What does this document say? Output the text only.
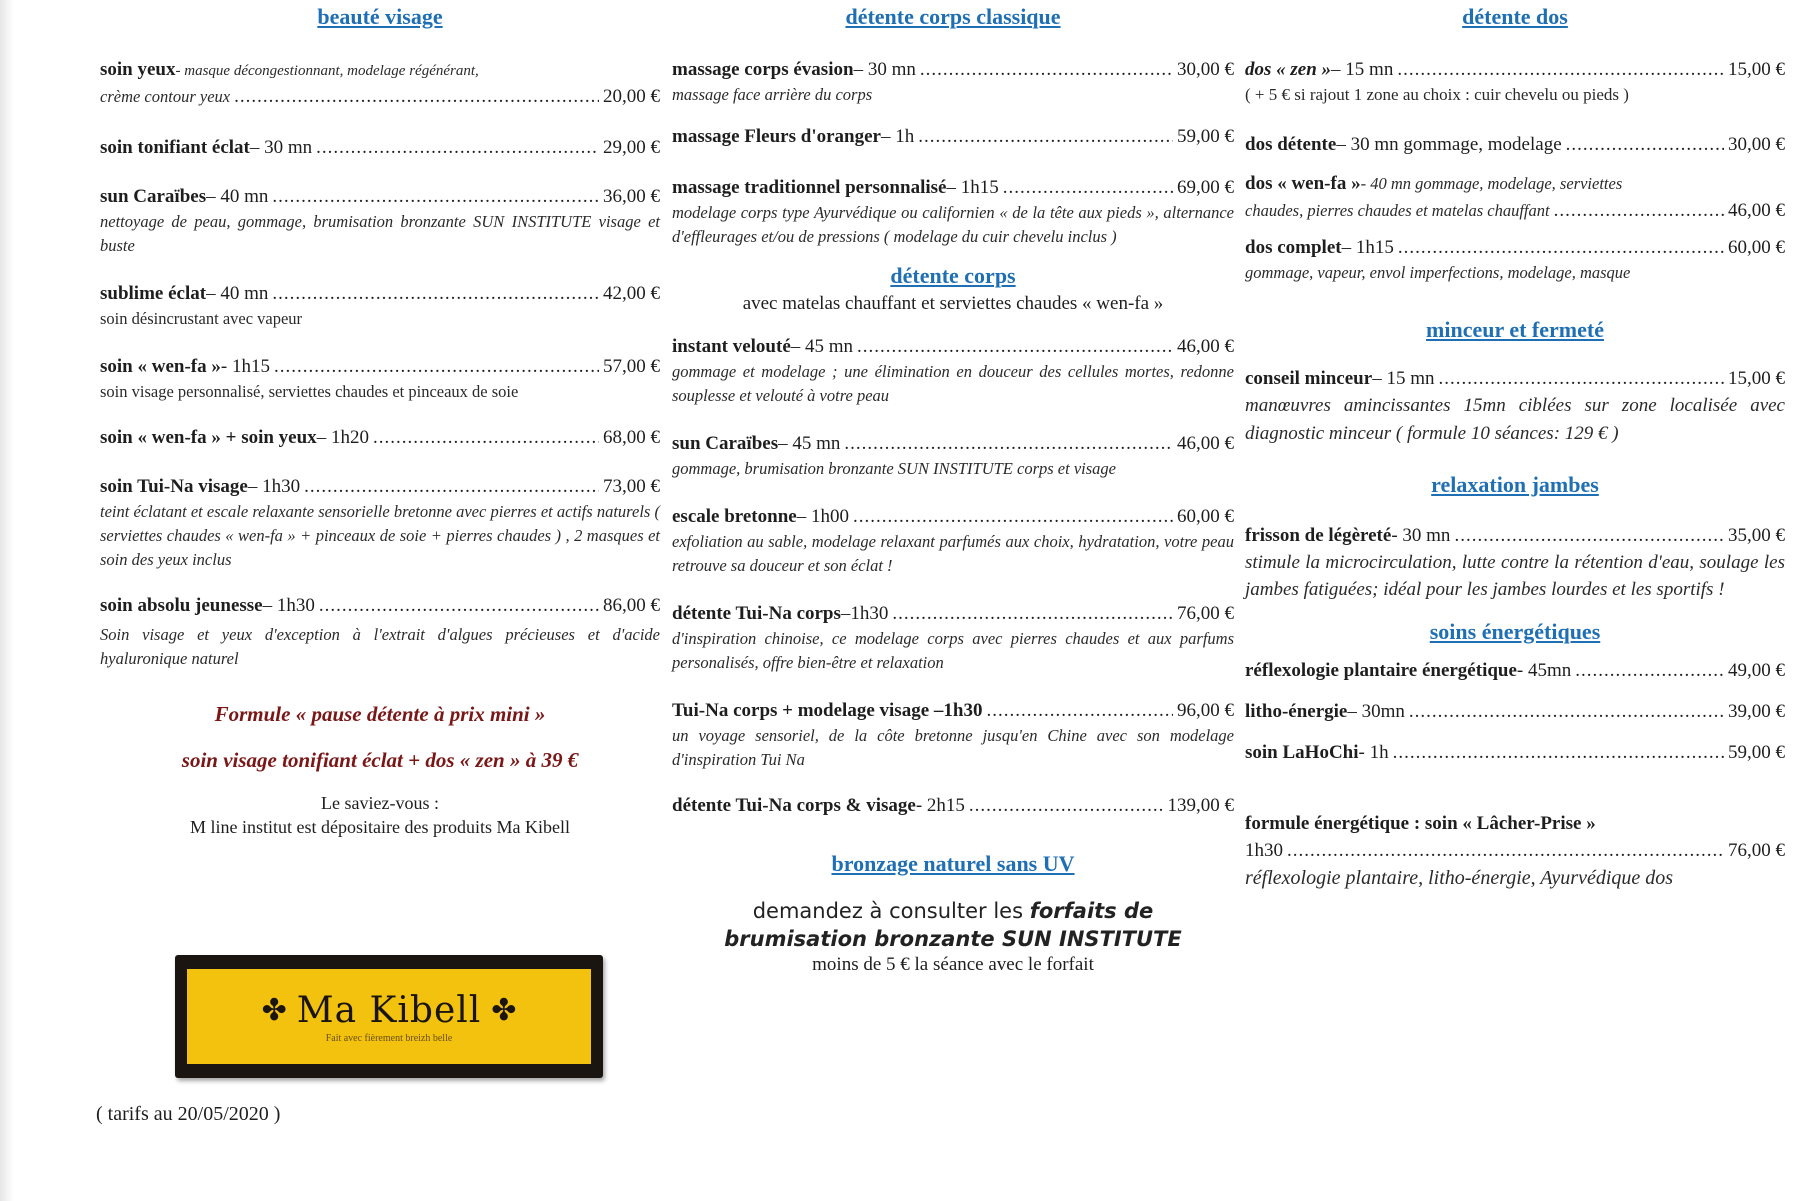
beauté visage
soin yeux - masque décongestionnant, modelage régénérant,
crème contour yeux .....	20,00 €
soin tonifiant éclat – 30 mn .....	29,00 €
sun Caraïbes – 40 mn .....	36,00 €
nettoyage de peau, gommage, brumisation bronzante SUN INSTITUTE visage et buste
sublime éclat – 40 mn .....	42,00 €
soin désincrustant avec vapeur
soin « wen-fa » - 1h15 .....	57,00 €
soin visage personnalisé, serviettes chaudes et pinceaux de soie
soin « wen-fa » + soin yeux – 1h20 .....	68,00 €
soin Tui-Na visage – 1h30 .....	73,00 €
teint éclatant et escale relaxante sensorielle bretonne avec pierres et actifs naturels ( serviettes chaudes « wen-fa » + pinceaux de soie + pierres chaudes ) , 2 masques et soin des yeux inclus
soin absolu jeunesse – 1h30 .....	86,00 €
Soin visage et yeux d'exception à l'extrait d'algues précieuses et d'acide hyaluronique naturel
Formule « pause détente à prix mini »
soin visage tonifiant éclat + dos « zen » à 39 €
Le saviez-vous :
M line institut est dépositaire des produits Ma Kibell
✤ Ma Kibell ✤
Fait avec fièrement breizh belle
( tarifs au 20/05/2020 )
détente corps classique
massage corps évasion – 30 mn .....	30,00 €
massage face arrière du corps
massage Fleurs d'oranger – 1h .....	59,00 €
massage traditionnel personnalisé – 1h15 .....	69,00 €
modelage corps type Ayurvédique ou californien « de la tête aux pieds », alternance d'effleurages et/ou de pressions ( modelage du cuir chevelu inclus )
détente corps
avec matelas chauffant et serviettes chaudes « wen-fa »
instant velouté – 45 mn .....	46,00 €
gommage et modelage ; une élimination en douceur des cellules mortes, redonne souplesse et velouté à votre peau
sun Caraïbes – 45 mn .....	46,00 €
gommage, brumisation bronzante SUN INSTITUTE corps et visage
escale bretonne – 1h00 .....	60,00 €
exfoliation au sable, modelage relaxant parfumés aux choix, hydratation, votre peau retrouve sa douceur et son éclat !
détente Tui-Na corps –1h30 .....	76,00 €
d'inspiration chinoise, ce modelage corps avec pierres chaudes et aux parfums personalisés, offre bien-être et relaxation
Tui-Na corps + modelage visage –1h30 .....	96,00 €
un voyage sensoriel, de la côte bretonne jusqu'en Chine avec son modelage d'inspiration Tui Na
détente Tui-Na corps & visage - 2h15 .....	139,00 €
bronzage naturel sans UV
demandez à consulter les forfaits de
brumisation bronzante SUN INSTITUTE
moins de 5 € la séance avec le forfait
détente dos
dos « zen » – 15 mn .....	15,00 €
( + 5 € si rajout 1 zone au choix : cuir chevelu ou pieds )
dos détente – 30 mn gommage, modelage .....	30,00 €
dos « wen-fa » - 40 mn gommage, modelage, serviettes
chaudes, pierres chaudes et matelas chauffant .....	46,00 €
dos complet – 1h15 .....	60,00 €
gommage, vapeur, envol imperfections, modelage, masque
minceur et fermeté
conseil minceur – 15 mn .....	15,00 €
manœuvres amincissantes 15mn ciblées sur zone localisée avec diagnostic minceur ( formule 10 séances: 129 € )
relaxation jambes
frisson de légèreté - 30 mn .....	35,00 €
stimule la microcirculation, lutte contre la rétention d'eau, soulage les jambes fatiguées; idéal pour les jambes lourdes et les sportifs !
soins énergétiques
réflexologie plantaire énergétique - 45mn .....	49,00 €
litho-énergie – 30mn .....	39,00 €
soin LaHoChi - 1h .....	59,00 €
formule énergétique : soin « Lâcher-Prise »
1h30 .....	76,00 €
réflexologie plantaire, litho-énergie, Ayurvédique dos
